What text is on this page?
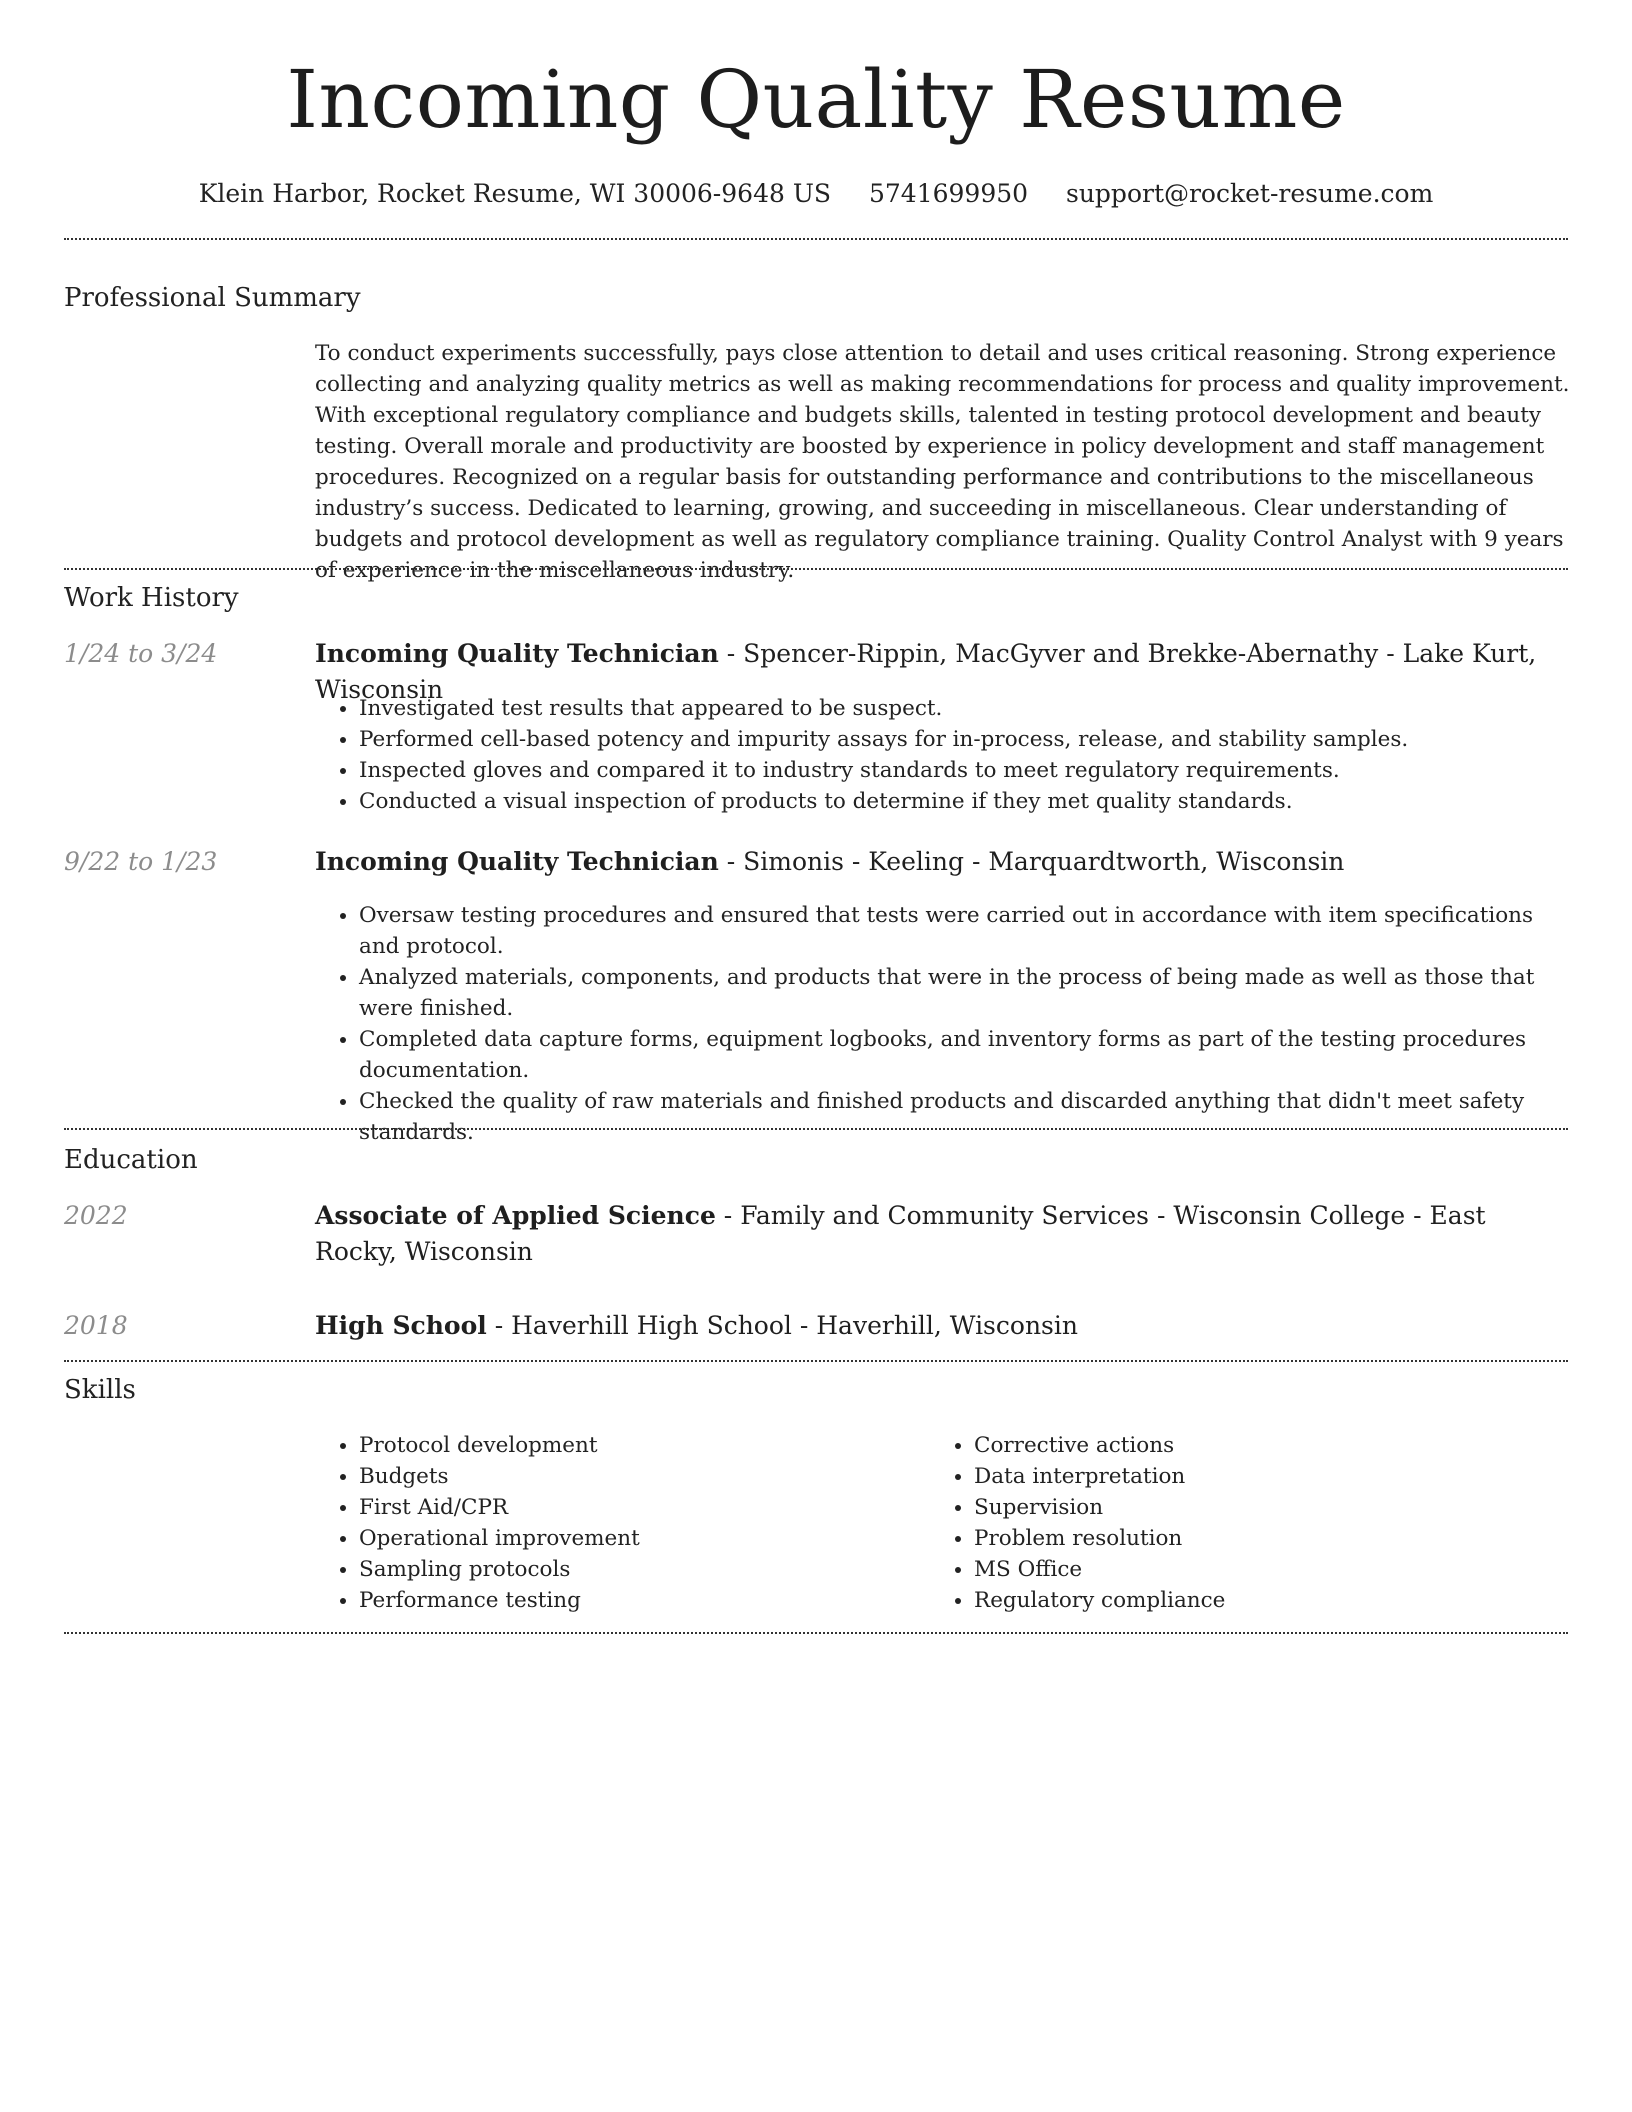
Incoming Quality Resume
Klein Harbor, Rocket Resume, WI 30006-9648 US 5741699950 support@rocket-resume.com
Professional Summary
To conduct experiments successfully, pays close attention to detail and uses critical reasoning. Strong experience collecting and analyzing quality metrics as well as making recommendations for process and quality improvement. With exceptional regulatory compliance and budgets skills, talented in testing protocol development and beauty testing. Overall morale and productivity are boosted by experience in policy development and staff management procedures. Recognized on a regular basis for outstanding performance and contributions to the miscellaneous industry’s success. Dedicated to learning, growing, and succeeding in miscellaneous. Clear understanding of budgets and protocol development as well as regulatory compliance training. Quality Control Analyst with 9 years of experience in the miscellaneous industry.
Work History
1/24 to 3/24	Incoming Quality Technician - Spencer-Rippin, MacGyver and Brekke-Abernathy - Lake Kurt, Wisconsin
• Investigated test results that appeared to be suspect.
• Performed cell-based potency and impurity assays for in-process, release, and stability samples.
• Inspected gloves and compared it to industry standards to meet regulatory requirements.
• Conducted a visual inspection of products to determine if they met quality standards.
9/22 to 1/23	Incoming Quality Technician - Simonis - Keeling - Marquardtworth, Wisconsin
• Oversaw testing procedures and ensured that tests were carried out in accordance with item specifications and protocol.
• Analyzed materials, components, and products that were in the process of being made as well as those that were finished.
• Completed data capture forms, equipment logbooks, and inventory forms as part of the testing procedures documentation.
• Checked the quality of raw materials and finished products and discarded anything that didn't meet safety standards.
Education
2022	Associate of Applied Science - Family and Community Services - Wisconsin College - East Rocky, Wisconsin
2018	High School - Haverhill High School - Haverhill, Wisconsin
Skills
• Protocol development
• Budgets
• First Aid/CPR
• Operational improvement
• Sampling protocols
• Performance testing
• Corrective actions
• Data interpretation
• Supervision
• Problem resolution
• MS Office
• Regulatory compliance
